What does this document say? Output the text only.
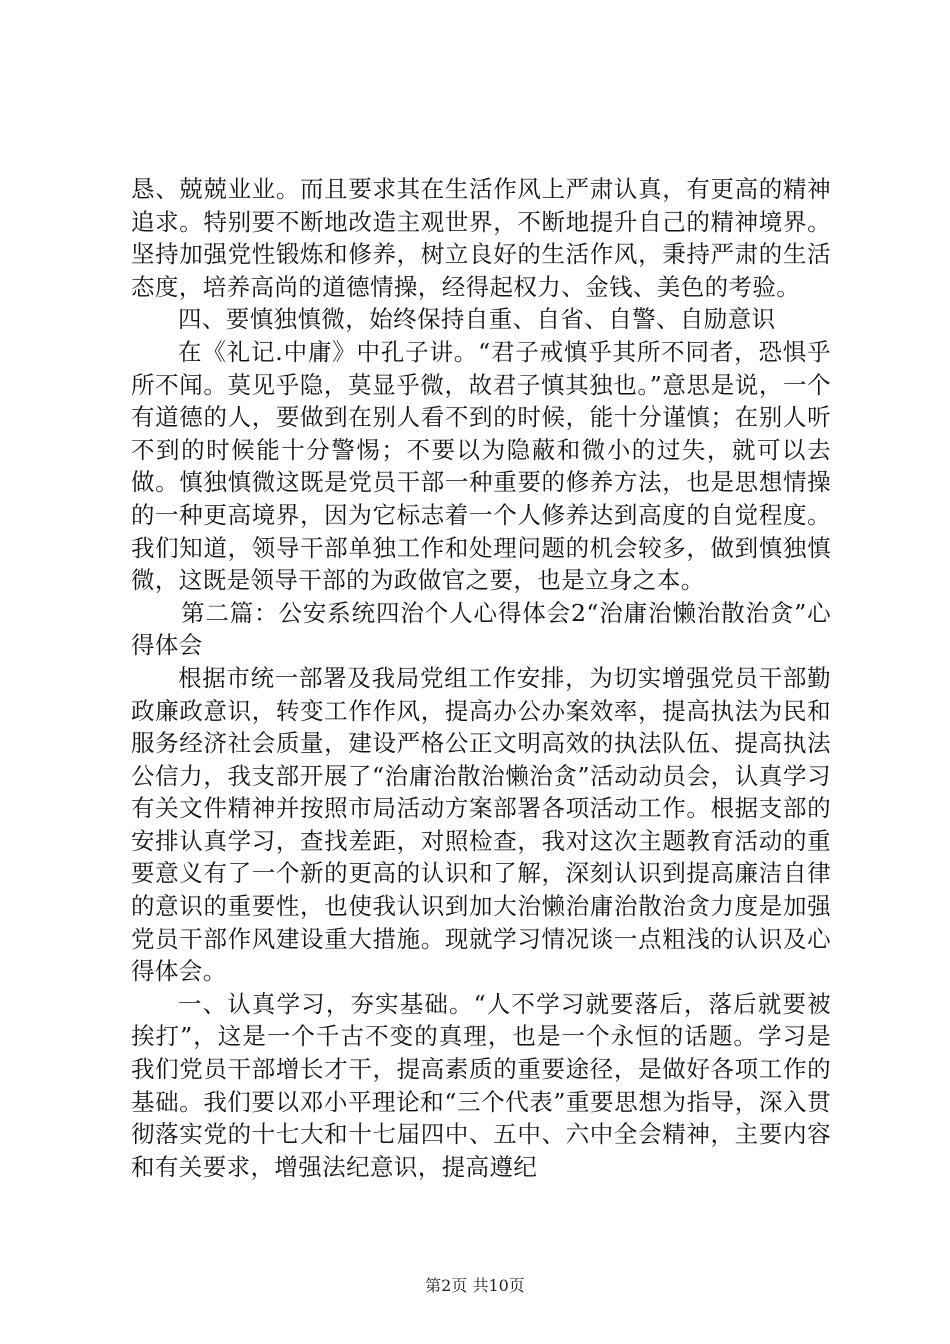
恳、兢兢业业。而且要求其在生活作风上严肃认真，有更高的精神追求。特别要不断地改造主观世界，不断地提升自己的精神境界。坚持加强党性锻炼和修养，树立良好的生活作风，秉持严肃的生活态度，培养高尚的道德情操，经得起权力、金钱、美色的考验。

四、要慎独慎微，始终保持自重、自省、自警、自励意识

在《礼记.中庸》中孔子讲。“君子戒慎乎其所不同者，恐惧乎所不闻。莫见乎隐，莫显乎微，故君子慎其独也。”意思是说，一个有道德的人，要做到在别人看不到的时候，能十分谨慎；在别人听不到的时候能十分警惕；不要以为隐蔽和微小的过失，就可以去做。慎独慎微这既是党员干部一种重要的修养方法，也是思想情操的一种更高境界，因为它标志着一个人修养达到高度的自觉程度。我们知道，领导干部单独工作和处理问题的机会较多，做到慎独慎微，这既是领导干部的为政做官之要，也是立身之本。

第二篇：公安系统四治个人心得体会2“治庸治懒治散治贪”心得体会

根据市统一部署及我局党组工作安排，为切实增强党员干部勤政廉政意识，转变工作作风，提高办公办案效率，提高执法为民和服务经济社会质量，建设严格公正文明高效的执法队伍、提高执法公信力，我支部开展了“治庸治散治懒治贪”活动动员会，认真学习有关文件精神并按照市局活动方案部署各项活动工作。根据支部的安排认真学习，查找差距，对照检查，我对这次主题教育活动的重要意义有了一个新的更高的认识和了解，深刻认识到提高廉洁自律的意识的重要性，也使我认识到加大治懒治庸治散治贪力度是加强党员干部作风建设重大措施。现就学习情况谈一点粗浅的认识及心得体会。

一、认真学习，夯实基础。“人不学习就要落后，落后就要被挨打”，这是一个千古不变的真理，也是一个永恒的话题。学习是我们党员干部增长才干，提高素质的重要途径，是做好各项工作的基础。我们要以邓小平理论和“三个代表”重要思想为指导，深入贯彻落实党的十七大和十七届四中、五中、六中全会精神，主要内容和有关要求，增强法纪意识，提高遵纪

第2页 共10页
